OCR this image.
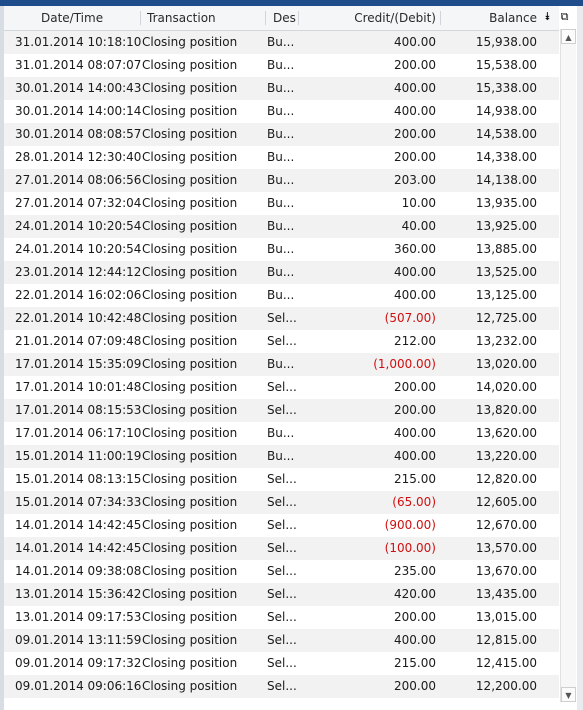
Date/Time	Transaction	Des	Credit/(Debit)	Balance
31.01.2014 10:18:10 Closing position	Bu...	400.00	15,938.00
31.01.2014 08:07:07 Closing position	Bu...	200.00	15,538.00
30.01.2014 14:00:43 Closing position	Bu...	400.00	15,338.00
30.01.2014 14:00:14 Closing position	Bu...	400.00	14,938.00
30.01.2014 08:08:57 Closing position	Bu...	200.00	14,538.00
28.01.2014 12:30:40 Closing position	Bu...	200.00	14,338.00
27.01.2014 08:06:56 Closing position	Bu...	203.00	14,138.00
27.01.2014 07:32:04 Closing position	Bu...	10.00	13,935.00
24.01.2014 10:20:54 Closing position	Bu...	40.00	13,925.00
24.01.2014 10:20:54 Closing position	Bu...	360.00	13,885.00
23.01.2014 12:44:12 Closing position	Bu...	400.00	13,525.00
22.01.2014 16:02:06 Closing position	Bu...	400.00	13,125.00
22.01.2014 10:42:48 Closing position	Sel...	(507.00)	12,725.00
21.01.2014 07:09:48 Closing position	Sel...	212.00	13,232.00
17.01.2014 15:35:09 Closing position	Bu...	(1,000.00)	13,020.00
17.01.2014 10:01:48 Closing position	Sel...	200.00	14,020.00
17.01.2014 08:15:53 Closing position	Sel...	200.00	13,820.00
17.01.2014 06:17:10 Closing position	Bu...	400.00	13,620.00
15.01.2014 11:00:19 Closing position	Bu...	400.00	13,220.00
15.01.2014 08:13:15 Closing position	Sel...	215.00	12,820.00
15.01.2014 07:34:33 Closing position	Sel...	(65.00)	12,605.00
14.01.2014 14:42:45 Closing position	Sel...	(900.00)	12,670.00
14.01.2014 14:42:45 Closing position	Sel...	(100.00)	13,570.00
14.01.2014 09:38:08 Closing position	Sel...	235.00	13,670.00
13.01.2014 15:36:42 Closing position	Sel...	420.00	13,435.00
13.01.2014 09:17:53 Closing position	Sel...	200.00	13,015.00
09.01.2014 13:11:59 Closing position	Sel...	400.00	12,815.00
09.01.2014 09:17:32 Closing position	Sel...	215.00	12,415.00
09.01.2014 09:06:16 Closing position	Sel...	200.00	12,200.00
⯯ ⧉
▲
▼
